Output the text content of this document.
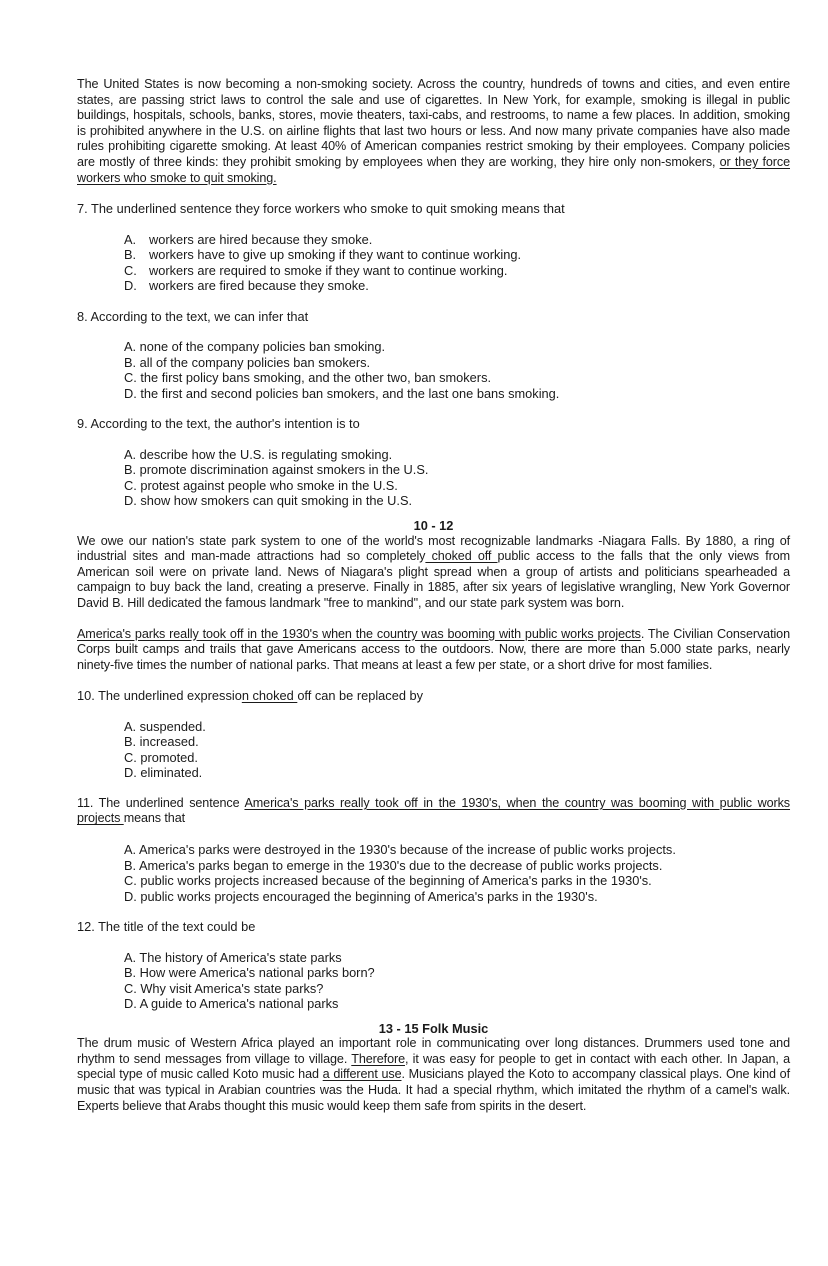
The United States is now becoming a non-smoking society. Across the country, hundreds of towns and cities, and even entire states, are passing strict laws to control the sale and use of cigarettes. In New York, for example, smoking is illegal in public buildings, hospitals, schools, banks, stores, movie theaters, taxi-cabs, and restrooms, to name a few places. In addition, smoking is prohibited anywhere in the U.S. on airline flights that last two hours or less. And now many private companies have also made rules prohibiting cigarette smoking. At least 40% of American companies restrict smoking by their employees. Company policies are mostly of three kinds: they prohibit smoking by employees when they are working, they hire only non-smokers, or they force workers who smoke to quit smoking.

7. The underlined sentence they force workers who smoke to quit smoking means that

A. workers are hired because they smoke.
B. workers have to give up smoking if they want to continue working.
C. workers are required to smoke if they want to continue working.
D. workers are fired because they smoke.

8. According to the text, we can infer that

A. none of the company policies ban smoking.
B. all of the company policies ban smokers.
C. the first policy bans smoking, and the other two, ban smokers.
D. the first and second policies ban smokers, and the last one bans smoking.

9. According to the text, the author's intention is to

A. describe how the U.S. is regulating smoking.
B. promote discrimination against smokers in the U.S.
C. protest against people who smoke in the U.S.
D. show how smokers can quit smoking in the U.S.

10 - 12

We owe our nation's state park system to one of the world's most recognizable landmarks -Niagara Falls. By 1880, a ring of industrial sites and man-made attractions had so completely choked off public access to the falls that the only views from American soil were on private land. News of Niagara's plight spread when a group of artists and politicians spearheaded a campaign to buy back the land, creating a preserve. Finally in 1885, after six years of legislative wrangling, New York Governor David B. Hill dedicated the famous landmark "free to mankind", and our state park system was born.

America's parks really took off in the 1930's when the country was booming with public works projects. The Civilian Conservation Corps built camps and trails that gave Americans access to the outdoors. Now, there are more than 5.000 state parks, nearly ninety-five times the number of national parks. That means at least a few per state, or a short drive for most families.

10. The underlined expression choked off can be replaced by

A. suspended.
B. increased.
C. promoted.
D. eliminated.

11. The underlined sentence America's parks really took off in the 1930's, when the country was booming with public works projects means that

A. America's parks were destroyed in the 1930's because of the increase of public works projects.
B. America's parks began to emerge in the 1930's due to the decrease of public works projects.
C. public works projects increased because of the beginning of America's parks in the 1930's.
D. public works projects encouraged the beginning of America's parks in the 1930's.

12. The title of the text could be

A. The history of America's state parks
B. How were America's national parks born?
C. Why visit America's state parks?
D. A guide to America's national parks

13 - 15 Folk Music

The drum music of Western Africa played an important role in communicating over long distances. Drummers used tone and rhythm to send messages from village to village. Therefore, it was easy for people to get in contact with each other. In Japan, a special type of music called Koto music had a different use. Musicians played the Koto to accompany classical plays. One kind of music that was typical in Arabian countries was the Huda. It had a special rhythm, which imitated the rhythm of a camel's walk. Experts believe that Arabs thought this music would keep them safe from spirits in the desert.
